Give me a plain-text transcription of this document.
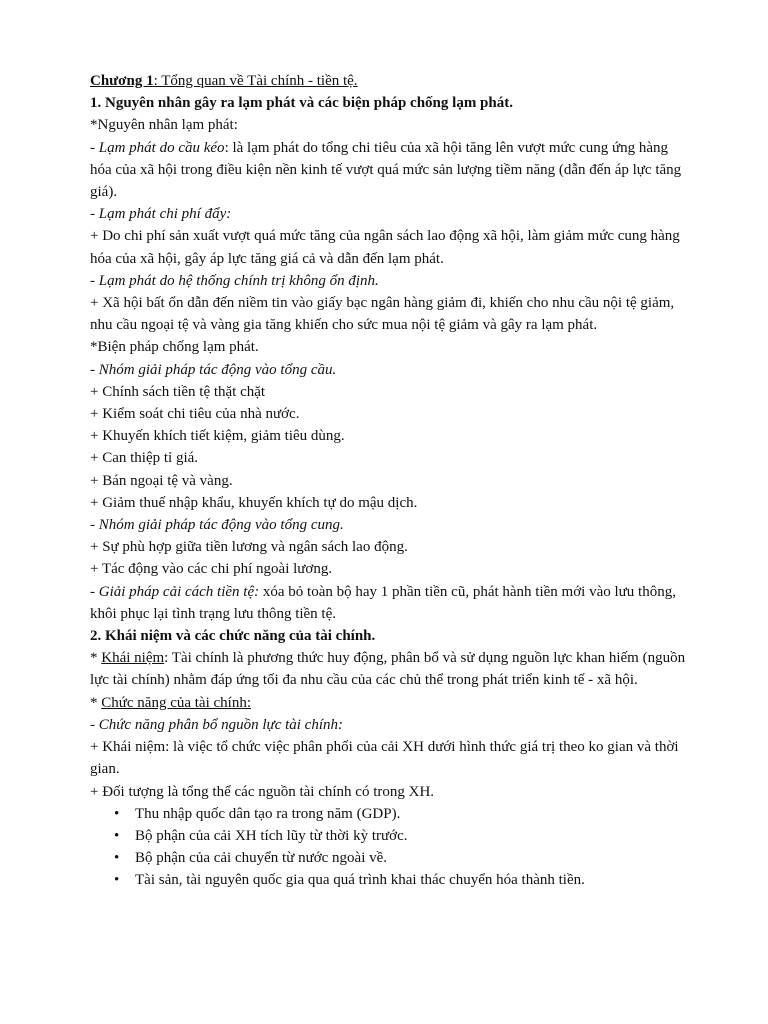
Chương 1: Tổng quan về Tài chính - tiền tệ.

1. Nguyên nhân gây ra lạm phát và các biện pháp chống lạm phát.

*Nguyên nhân lạm phát:

- Lạm phát do cầu kéo: là lạm phát do tổng chi tiêu của xã hội tăng lên vượt mức cung ứng hàng hóa của xã hội trong điều kiện nền kinh tế vượt quá mức sản lượng tiềm năng (dẫn đến áp lực tăng giá).

- Lạm phát chi phí đẩy:

+ Do chi phí sản xuất vượt quá mức tăng của ngân sách lao động xã hội, làm giảm mức cung hàng hóa của xã hội, gây áp lực tăng giá cả và dẫn đến lạm phát.

- Lạm phát do hệ thống chính trị không ổn định.

+ Xã hội bất ổn dẫn đến niềm tin vào giấy bạc ngân hàng giảm đi, khiến cho nhu cầu nội tệ giảm, nhu cầu ngoại tệ và vàng gia tăng khiến cho sức mua nội tệ giảm và gây ra lạm phát.

*Biện pháp chống lạm phát.

- Nhóm giải pháp tác động vào tổng cầu.

+ Chính sách tiền tệ thặt chặt

+ Kiểm soát chi tiêu của nhà nước.

+ Khuyến khích tiết kiệm, giảm tiêu dùng.

+ Can thiệp tỉ giá.

+ Bán ngoại tệ và vàng.

+ Giảm thuế nhập khẩu, khuyến khích tự do mậu dịch.

- Nhóm giải pháp tác động vào tổng cung.

+ Sự phù hợp giữa tiền lương và ngân sách lao động.

+ Tác động vào các chi phí ngoài lương.

- Giải pháp cải cách tiền tệ: xóa bỏ toàn bộ hay 1 phần tiền cũ, phát hành tiền mới vào lưu thông, khôi phục lại tình trạng lưu thông tiền tệ.

2. Khái niệm và các chức năng của tài chính.

* Khái niệm: Tài chính là phương thức huy động, phân bổ và sử dụng nguồn lực khan hiếm (nguồn lực tài chính) nhằm đáp ứng tối đa nhu cầu của các chủ thể trong phát triển kinh tế - xã hội.

* Chức năng của tài chính:

- Chức năng phân bổ nguồn lực tài chính:

+ Khái niệm: là việc tổ chức việc phân phối của cải XH dưới hình thức giá trị theo ko gian và thời gian.

+ Đối tượng là tổng thể các nguồn tài chính có trong XH.

• Thu nhập quốc dân tạo ra trong năm (GDP).
• Bộ phận của cải XH tích lũy từ thời kỳ trước.
• Bộ phận của cải chuyển từ nước ngoài về.
• Tài sản, tài nguyên quốc gia qua quá trình khai thác chuyển hóa thành tiền.
